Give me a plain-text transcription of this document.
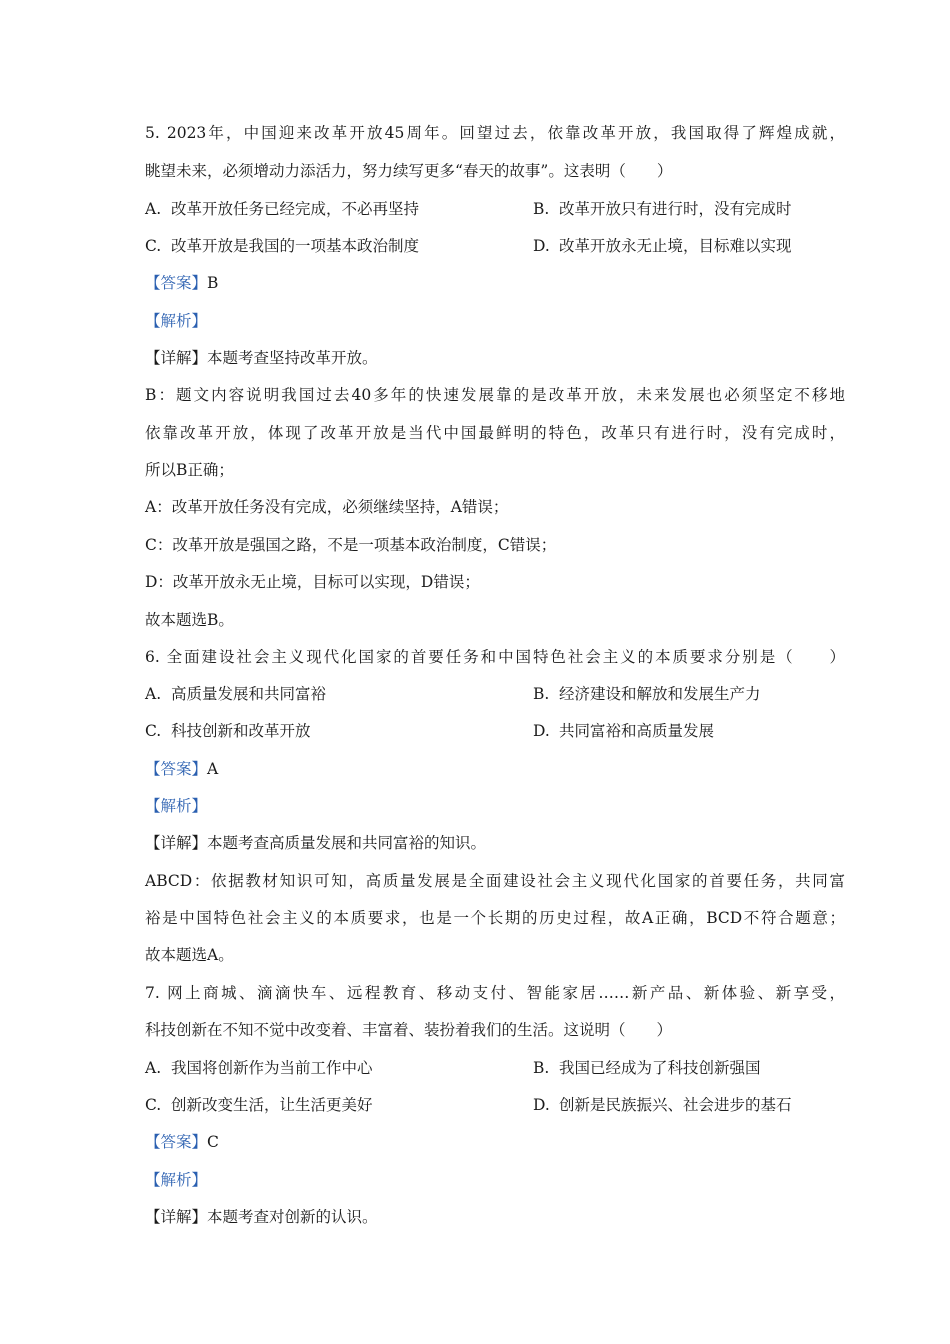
5. 2023年，中国迎来改革开放45周年。回望过去，依靠改革开放，我国取得了辉煌成就，
眺望未来，必须增动力添活力，努力续写更多“春天的故事”。这表明（　　）
A. 改革开放任务已经完成，不必再坚持	B. 改革开放只有进行时，没有完成时
C. 改革开放是我国的一项基本政治制度	D. 改革开放永无止境，目标难以实现
【答案】B
【解析】
【详解】本题考查坚持改革开放。
B：题文内容说明我国过去40多年的快速发展靠的是改革开放，未来发展也必须坚定不移地
依靠改革开放，体现了改革开放是当代中国最鲜明的特色，改革只有进行时，没有完成时，
所以B正确；
A：改革开放任务没有完成，必须继续坚持，A错误；
C：改革开放是强国之路，不是一项基本政治制度，C错误；
D：改革开放永无止境，目标可以实现，D错误；
故本题选B。
6. 全面建设社会主义现代化国家的首要任务和中国特色社会主义的本质要求分别是（　　）
A. 高质量发展和共同富裕	B. 经济建设和解放和发展生产力
C. 科技创新和改革开放	D. 共同富裕和高质量发展
【答案】A
【解析】
【详解】本题考查高质量发展和共同富裕的知识。
ABCD：依据教材知识可知，高质量发展是全面建设社会主义现代化国家的首要任务，共同富
裕是中国特色社会主义的本质要求，也是一个长期的历史过程，故A正确，BCD不符合题意；
故本题选A。
7. 网上商城、滴滴快车、远程教育、移动支付、智能家居……新产品、新体验、新享受，
科技创新在不知不觉中改变着、丰富着、装扮着我们的生活。这说明（　　）
A. 我国将创新作为当前工作中心	B. 我国已经成为了科技创新强国
C. 创新改变生活，让生活更美好	D. 创新是民族振兴、社会进步的基石
【答案】C
【解析】
【详解】本题考查对创新的认识。
